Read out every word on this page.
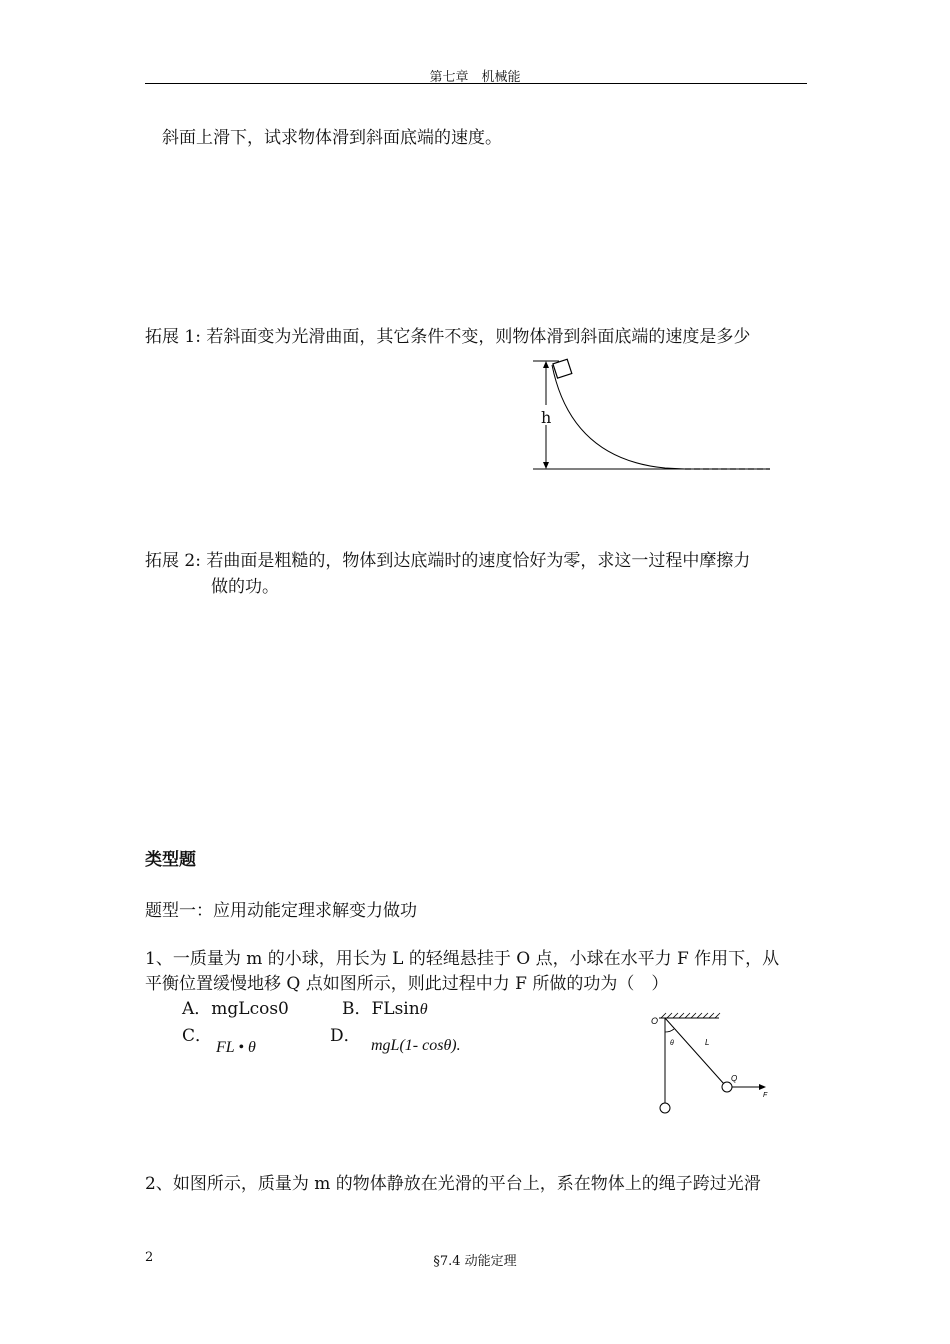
第七章　机械能
斜面上滑下，试求物体滑到斜面底端的速度。
拓展 1: 若斜面变为光滑曲面，其它条件不变，则物体滑到斜面底端的速度是多少
h
拓展 2: 若曲面是粗糙的，物体到达底端时的速度恰好为零，求这一过程中摩擦力
做的功。
类型题
题型一：应用动能定理求解变力做功
1、一质量为 m 的小球，用长为 L 的轻绳悬挂于 O 点，小球在水平力 F 作用下，从
平衡位置缓慢地移 Q 点如图所示，则此过程中力 F 所做的功为（　）
A．mgLcos0	B．FLsinθ
C．
FL • θ
D． mgL(1- cosθ).
O
θ	L
Q
F
2、如图所示，质量为 m 的物体静放在光滑的平台上，系在物体上的绳子跨过光滑
2	§7.4 动能定理
